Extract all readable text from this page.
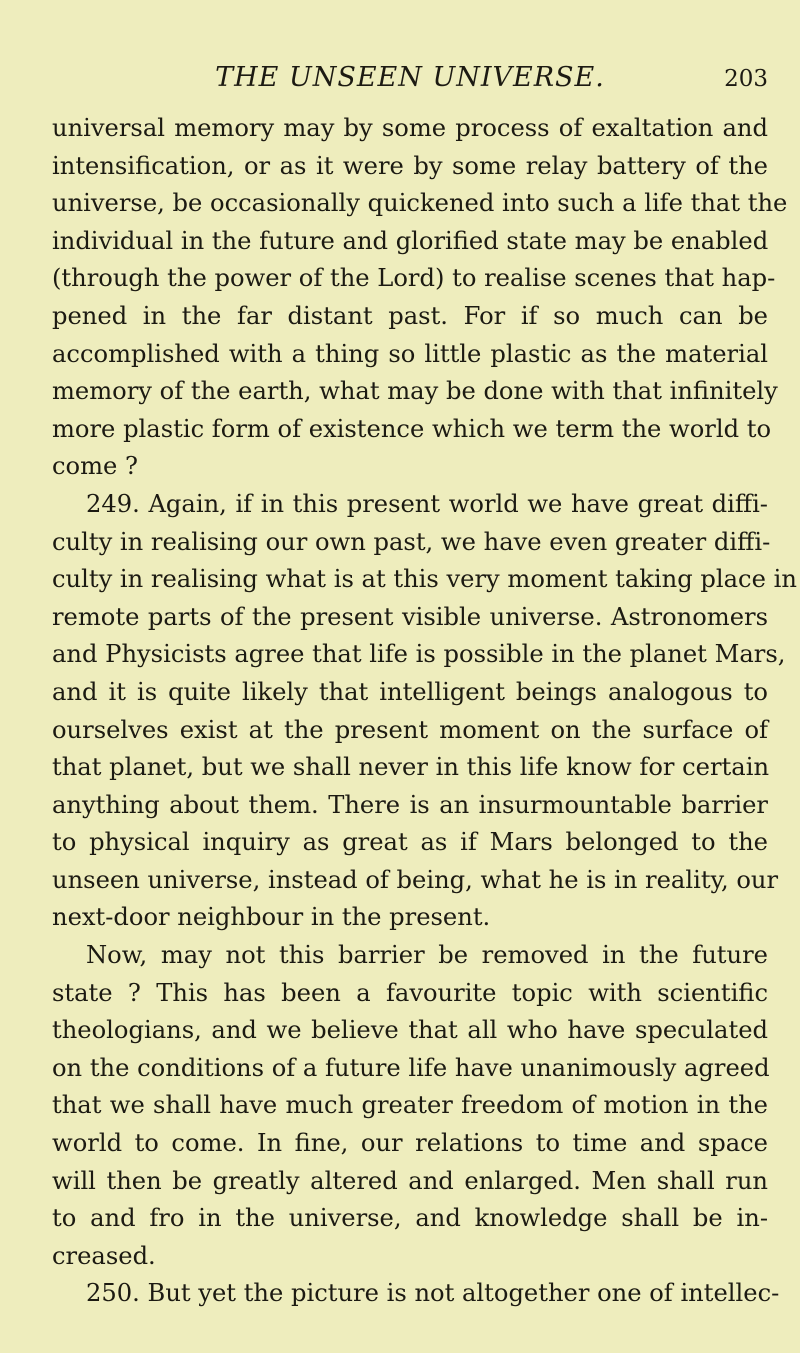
THE UNSEEN UNIVERSE.	203
universal memory may by some process of exaltation and
intensification, or as it were by some relay battery of the
universe, be occasionally quickened into such a life that the
individual in the future and glorified state may be enabled
(through the power of the Lord) to realise scenes that hap-
pened in the far distant past. For if so much can be
accomplished with a thing so little plastic as the material
memory of the earth, what may be done with that infinitely
more plastic form of existence which we term the world to
come ?
249. Again, if in this present world we have great diffi-
culty in realising our own past, we have even greater diffi-
culty in realising what is at this very moment taking place in
remote parts of the present visible universe. Astronomers
and Physicists agree that life is possible in the planet Mars,
and it is quite likely that intelligent beings analogous to
ourselves exist at the present moment on the surface of
that planet, but we shall never in this life know for certain
anything about them. There is an insurmountable barrier
to physical inquiry as great as if Mars belonged to the
unseen universe, instead of being, what he is in reality, our
next-door neighbour in the present.
Now, may not this barrier be removed in the future
state ? This has been a favourite topic with scientific
theologians, and we believe that all who have speculated
on the conditions of a future life have unanimously agreed
that we shall have much greater freedom of motion in the
world to come. In fine, our relations to time and space
will then be greatly altered and enlarged. Men shall run
to and fro in the universe, and knowledge shall be in-
creased.
250. But yet the picture is not altogether one of intellec-
